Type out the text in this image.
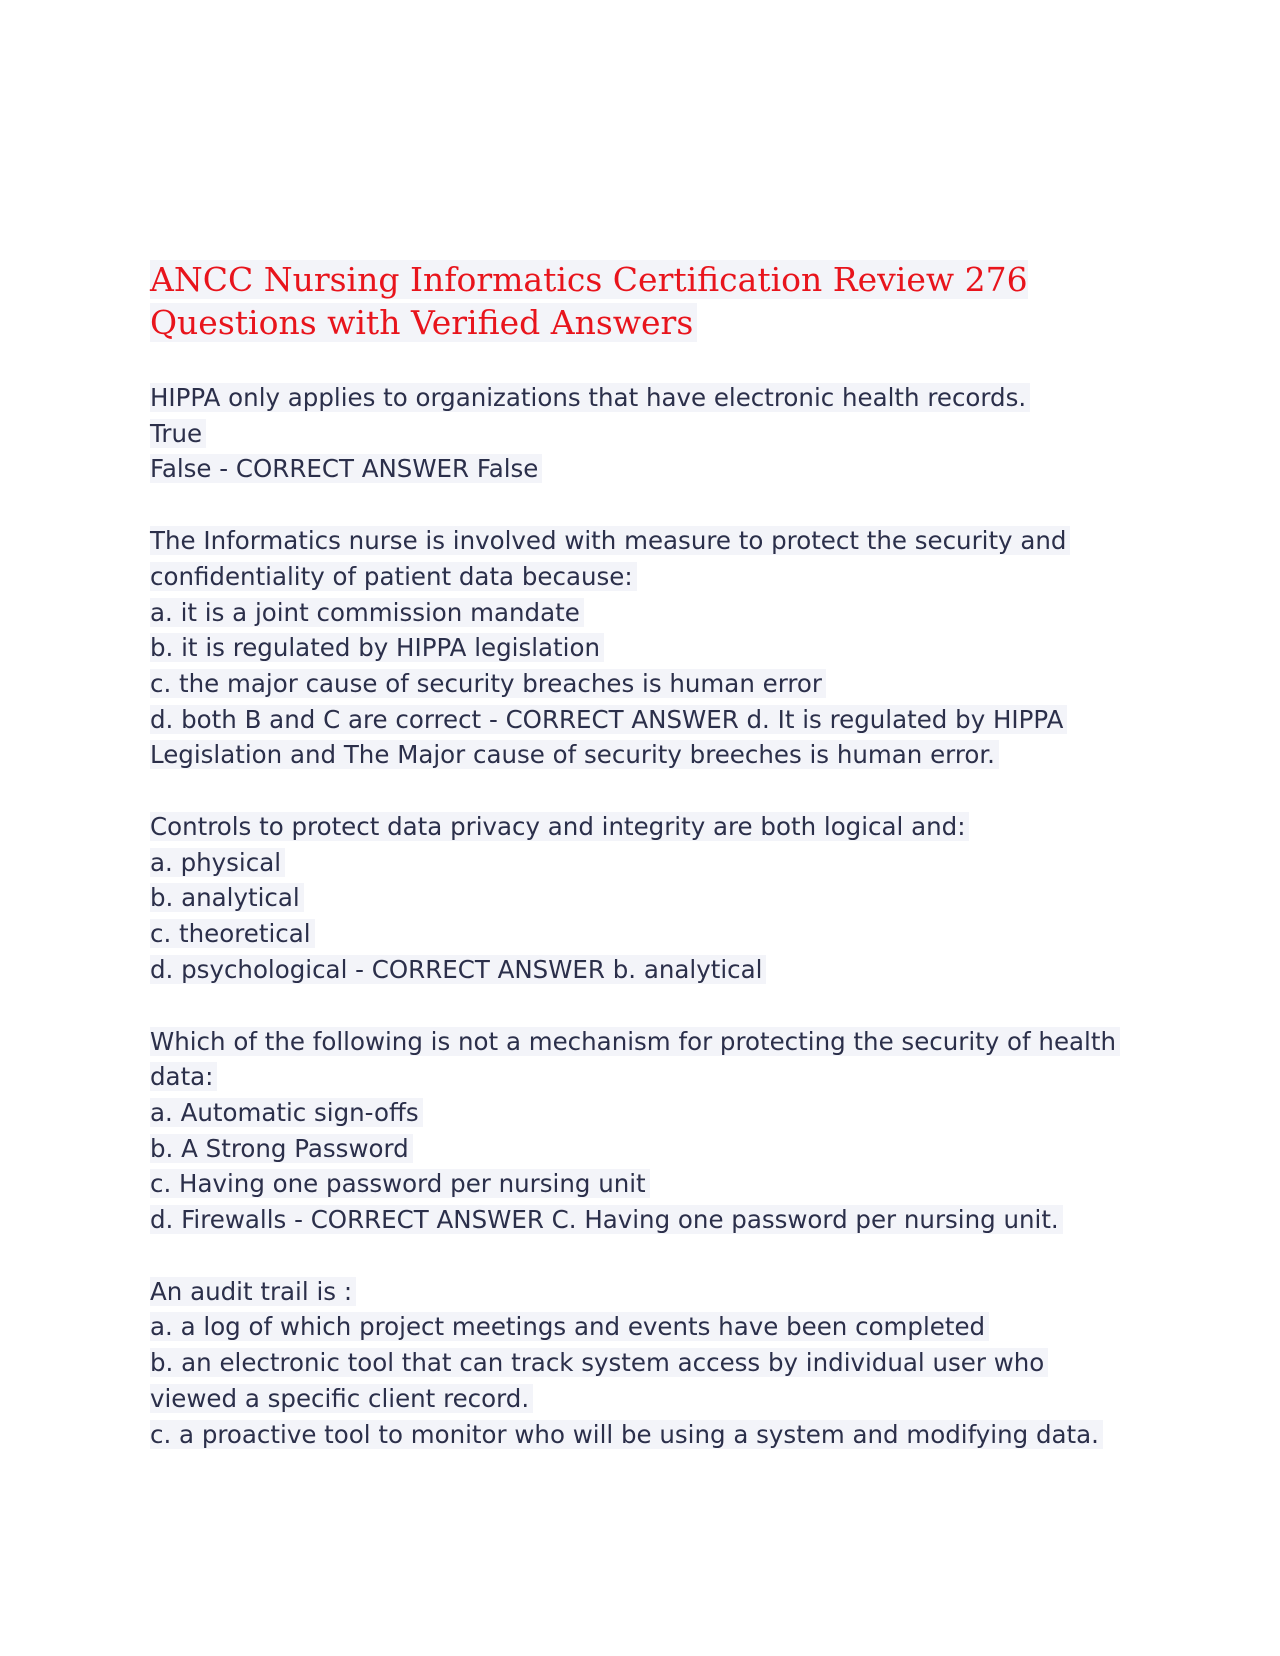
ANCC Nursing Informatics Certification Review 276 Questions with Verified Answers
HIPPA only applies to organizations that have electronic health records.
True
False - CORRECT ANSWER False
The Informatics nurse is involved with measure to protect the security and confidentiality of patient data because:
a. it is a joint commission mandate
b. it is regulated by HIPPA legislation
c. the major cause of security breaches is human error
d. both B and C are correct - CORRECT ANSWER d. It is regulated by HIPPA Legislation and The Major cause of security breeches is human error.
Controls to protect data privacy and integrity are both logical and:
a. physical
b. analytical
c. theoretical
d. psychological - CORRECT ANSWER b. analytical
Which of the following is not a mechanism for protecting the security of health data:
a. Automatic sign-offs
b. A Strong Password
c. Having one password per nursing unit
d. Firewalls - CORRECT ANSWER C. Having one password per nursing unit.
An audit trail is :
a. a log of which project meetings and events have been completed
b. an electronic tool that can track system access by individual user who viewed a specific client record.
c. a proactive tool to monitor who will be using a system and modifying data.
